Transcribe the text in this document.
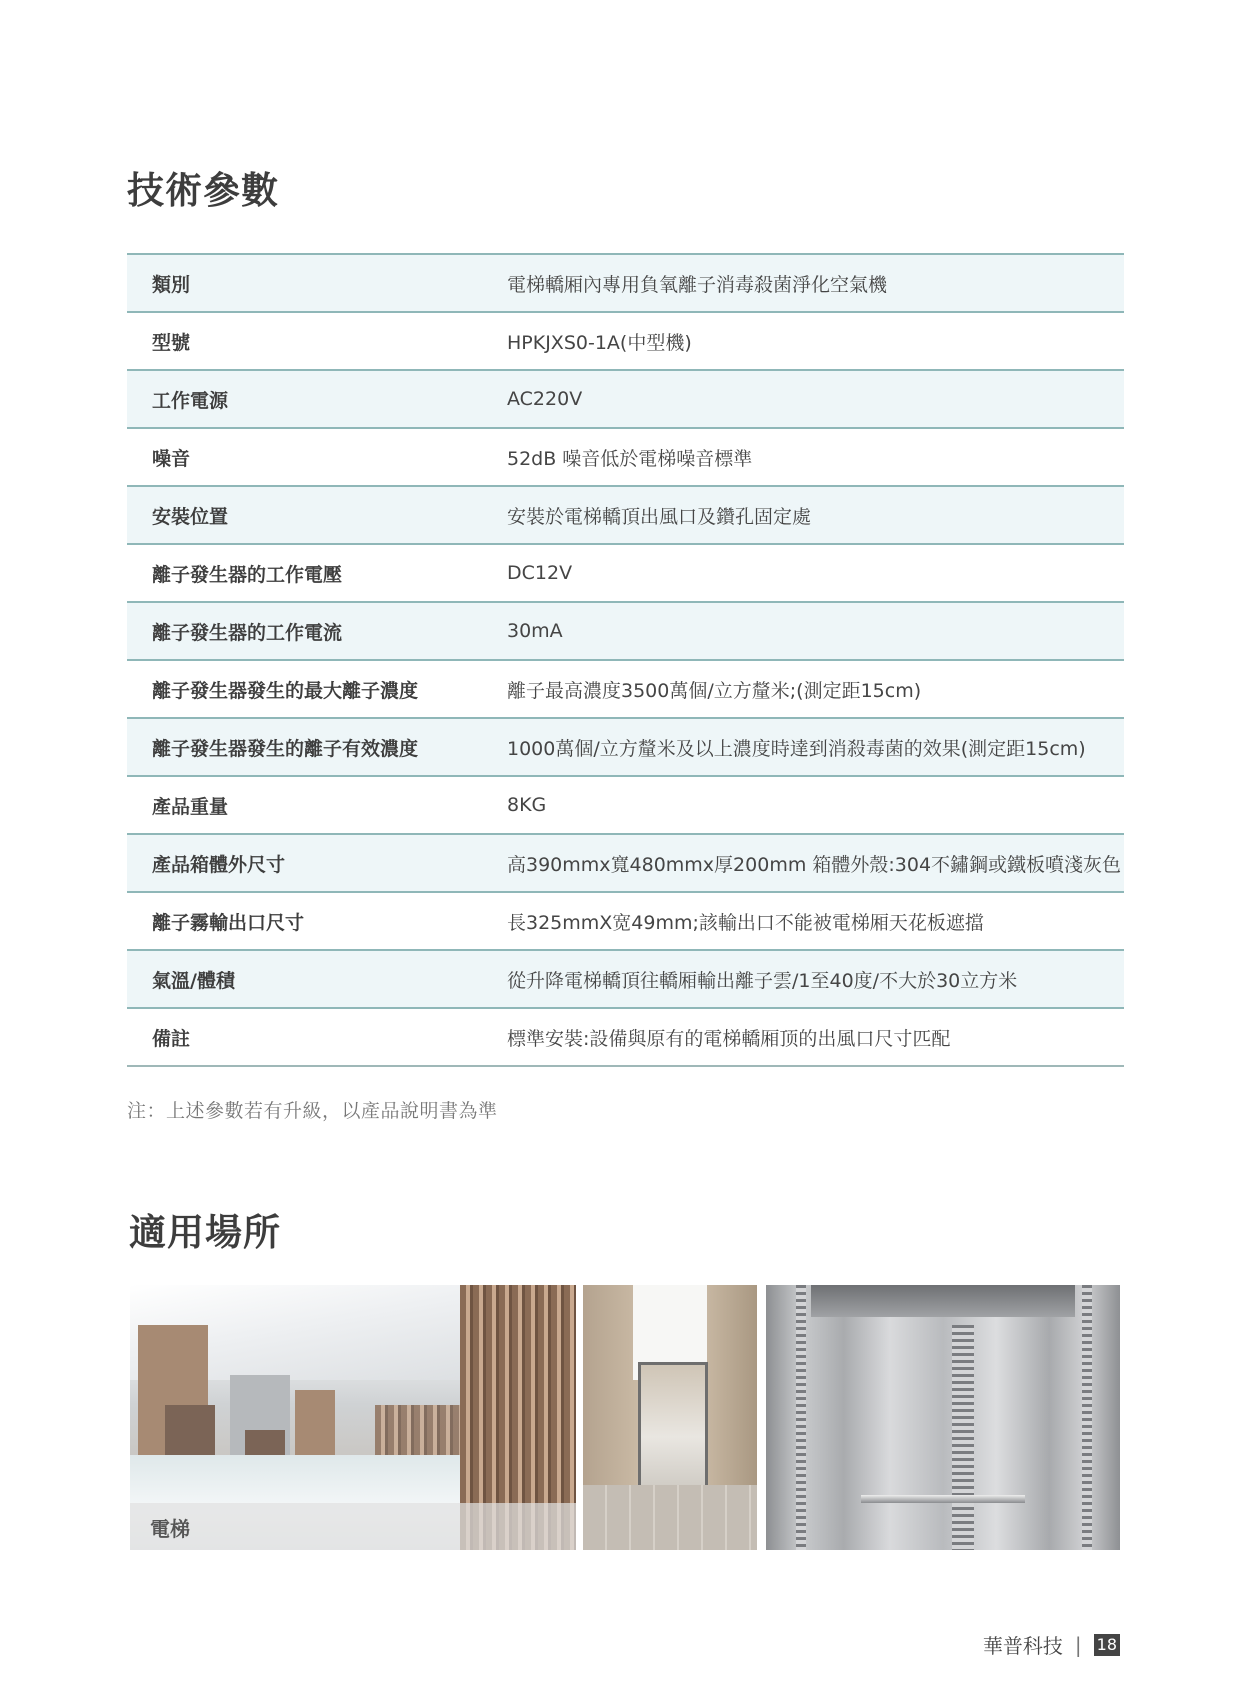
技術參數
類別	電梯轎厢內專用負氧離子消毒殺菌淨化空氣機
型號	HPKJXS0-1A(中型機)
工作電源	AC220V
噪音	52dB 噪音低於電梯噪音標準
安裝位置	安裝於電梯轎頂出風口及鑽孔固定處
離子發生器的工作電壓	DC12V
離子發生器的工作電流	30mA
離子發生器發生的最大離子濃度	離子最高濃度3500萬個/立方釐米;(測定距15cm)
離子發生器發生的離子有效濃度	1000萬個/立方釐米及以上濃度時達到消殺毒菌的效果(測定距15cm)
產品重量	8KG
產品箱體外尺寸	高390mmx寬480mmx厚200mm 箱體外殼:304不鏽鋼或鐵板噴淺灰色
離子霧輸出口尺寸	長325mmX宽49mm;該輸出口不能被電梯厢天花板遮擋
氣溫/體積	從升降電梯轎頂往轎厢輸出離子雲/1至40度/不大於30立方米
備註	標準安裝:設備與原有的電梯轎厢顶的出風口尺寸匹配
注：上述參數若有升級，以產品說明書為準
適用場所
電梯
華普科技 | 18
